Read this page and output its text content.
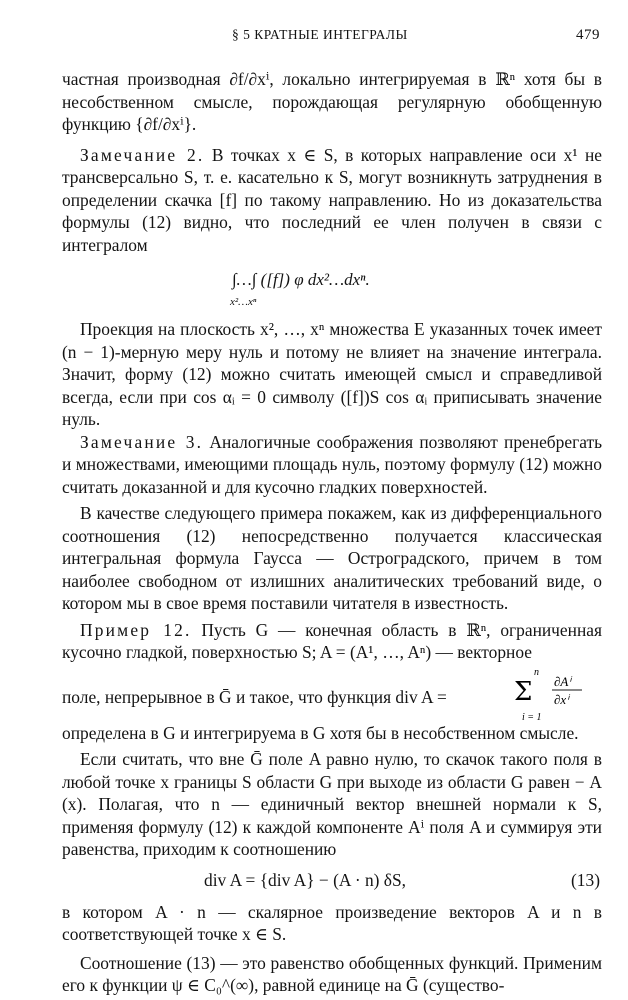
§ 5 КРАТНЫЕ ИНТЕГРАЛЫ	479

частная производная ∂f/∂xⁱ, локально интегрируемая в ℝⁿ хотя бы в несобственном смысле, порождающая регулярную обобщенную функцию {∂f/∂xⁱ}.

Замечание 2. В точках x ∈ S, в которых направление оси x¹ не трансверсально S, т. е. касательно к S, могут возникнуть затруднения в определении скачка [f] по такому направлению. Но из доказательства формулы (12) видно, что последний ее член получен в связи с интегралом

∫…∫ ([f]) φ dx²…dxⁿ.
x²…xⁿ

Проекция на плоскость x², …, xⁿ множества E указанных точек имеет (n − 1)-мерную меру нуль и потому не влияет на значение интеграла. Значит, форму (12) можно считать имеющей смысл и справедливой всегда, если при cos αᵢ = 0 символу ([f])S cos αᵢ приписывать значение нуль.

Замечание 3. Аналогичные соображения позволяют пренебрегать и множествами, имеющими площадь нуль, поэтому формулу (12) можно считать доказанной и для кусочно гладких поверхностей.

В качестве следующего примера покажем, как из дифференциального соотношения (12) непосредственно получается классическая интегральная формула Гаусса — Остроградского, причем в том наиболее свободном от излишних аналитических требований виде, о котором мы в свое время поставили читателя в известность.

Пример 12. Пусть G — конечная область в ℝⁿ, ограниченная кусочно гладкой, поверхностью S; A = (A¹, …, Aⁿ) — векторное

поле, непрерывное в Ḡ и такое, что функция div A =
n
Σ
i = 1
∂Aⁱ
∂xⁱ
Σ ∂Aⁱ/∂xⁱ

определена в G и интегрируема в G хотя бы в несобственном смысле.

Если считать, что вне Ḡ поле A равно нулю, то скачок такого поля в любой точке x границы S области G при выходе из области G равен − A (x). Полагая, что n — единичный вектор внешней нормали к S, применяя формулу (12) к каждой компоненте Aⁱ поля A и суммируя эти равенства, приходим к соотношению

div A = {div A} − (A · n) δS,	(13)

в котором A · n — скалярное произведение векторов A и n в соответствующей точке x ∈ S.

Соотношение (13) — это равенство обобщенных функций. Применим его к функции ψ ∈ C₀^(∞), равной единице на Ḡ (существо-
